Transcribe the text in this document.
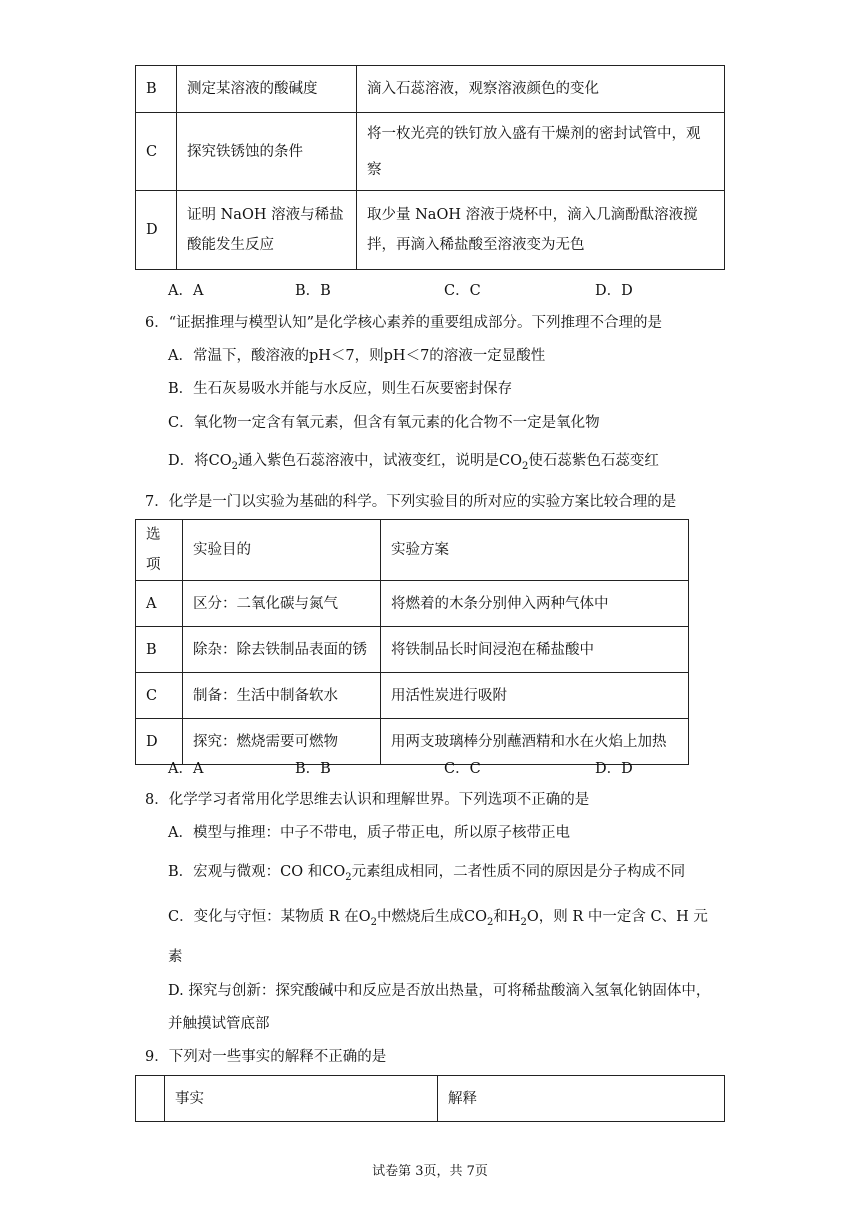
B	测定某溶液的酸碱度	滴入石蕊溶液，观察溶液颜色的变化
C	探究铁锈蚀的条件	将一枚光亮的铁钉放入盛有干燥剂的密封试管中，观察
D	证明 NaOH 溶液与稀盐酸能发生反应	取少量 NaOH 溶液于烧杯中，滴入几滴酚酞溶液搅拌，再滴入稀盐酸至溶液变为无色
A．A	B．B	C．C	D．D
6．“证据推理与模型认知”是化学核心素养的重要组成部分。下列推理不合理的是
A．常温下，酸溶液的pH＜7，则pH＜7的溶液一定显酸性
B．生石灰易吸水并能与水反应，则生石灰要密封保存
C．氧化物一定含有氧元素，但含有氧元素的化合物不一定是氧化物
D．将$CO_2$通入紫色石蕊溶液中，试液变红，说明是$CO_2$使石蕊紫色石蕊变红
7．化学是一门以实验为基础的科学。下列实验目的所对应的实验方案比较合理的是
选项	实验目的	实验方案
A	区分：二氧化碳与氮气	将燃着的木条分别伸入两种气体中
B	除杂：除去铁制品表面的锈	将铁制品长时间浸泡在稀盐酸中
C	制备：生活中制备软水	用活性炭进行吸附
D	探究：燃烧需要可燃物	用两支玻璃棒分别蘸酒精和水在火焰上加热
A．A	B．B	C．C	D．D
8．化学学习者常用化学思维去认识和理解世界。下列选项不正确的是
A．模型与推理：中子不带电，质子带正电，所以原子核带正电
B．宏观与微观：CO 和$CO_2$元素组成相同，二者性质不同的原因是分子构成不同
C．变化与守恒：某物质 R 在$O_2$中燃烧后生成$CO_2$和$H_2O$，则 R 中一定含 C、H 元
素
D. 探究与创新：探究酸碱中和反应是否放出热量，可将稀盐酸滴入氢氧化钠固体中，
并触摸试管底部
9．下列对一些事实的解释不正确的是
	事实	解释
试卷第 3页，共 7页
